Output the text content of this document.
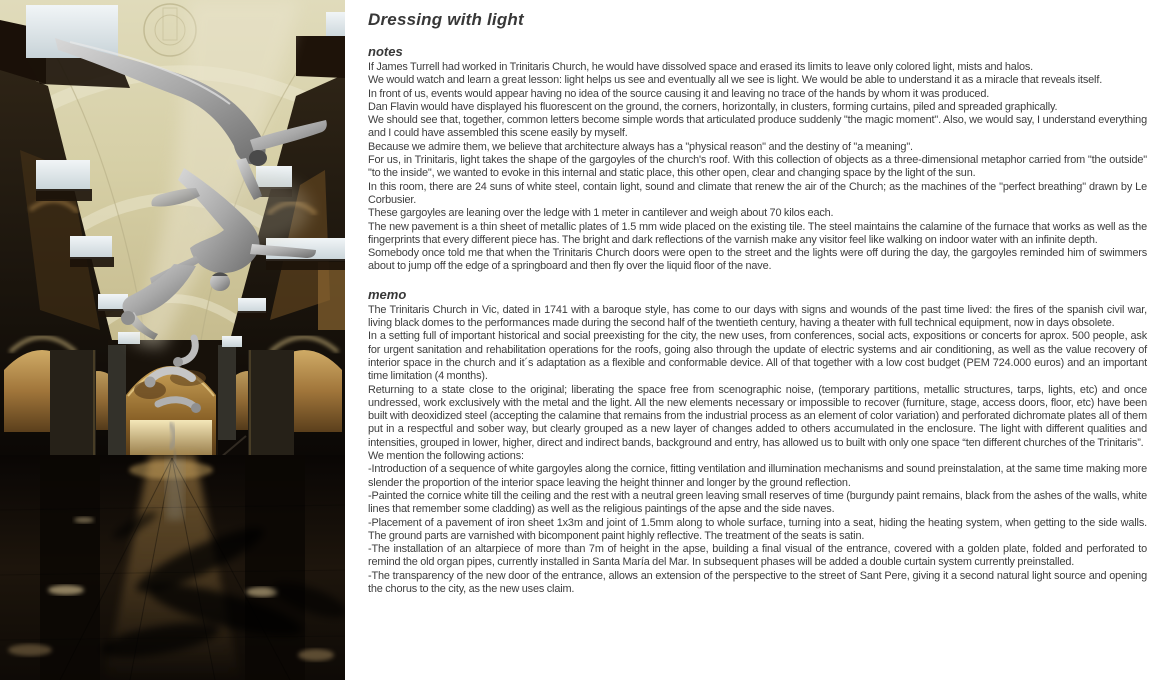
Dressing with light
notes

If James Turrell had worked in Trinitaris Church, he would have dissolved space and erased its limits to leave only colored light, mists and halos.

We would watch and learn a great lesson: light helps us see and eventually all we see is light. We would be able to understand it as a miracle that reveals itself.

In front of us, events would appear having no idea of the source causing it and leaving no trace of the hands by whom it was produced.

Dan Flavin would have displayed his fluorescent on the ground, the corners, horizontally, in clusters, forming curtains, piled and spreaded graphically.

We should see that, together, common letters become simple words that articulated produce suddenly "the magic moment". Also, we would say, I understand everything and I could have assembled this scene easily by myself.

Because we admire them, we believe that architecture always has a "physical reason" and the destiny of "a meaning".

For us, in Trinitaris, light takes the shape of the gargoyles of the church's roof. With this collection of objects as a three-dimensional metaphor carried from "the outside" "to the inside", we wanted to evoke in this internal and static place, this other open, clear and changing space by the light of the sun.

In this room, there are 24 suns of white steel, contain light, sound and climate that renew the air of the Church; as the machines of the "perfect breathing" drawn by Le Corbusier.

These gargoyles are leaning over the ledge with 1 meter in cantilever and weigh about 70 kilos each.

The new pavement is a thin sheet of metallic plates of 1.5 mm wide placed on the existing tile. The steel maintains the calamine of the furnace that works as well as the fingerprints that every different piece has. The bright and dark reflections of the varnish make any visitor feel like walking on indoor water with an infinite depth.

Somebody once told me that when the Trinitaris Church doors were open to the street and the lights were off during the day, the gargoyles reminded him of swimmers about to jump off the edge of a springboard and then fly over the liquid floor of the nave.

memo

The Trinitaris Church in Vic, dated in 1741 with a baroque style, has come to our days with signs and wounds of the past time lived: the fires of the spanish civil war, living black domes to the performances made during the second half of the twentieth century, having a theater with full technical equipment, now in days obsolete.

In a setting full of important historical and social preexisting for the city, the new uses, from conferences, social acts, expositions or concerts for aprox. 500 people, ask for urgent sanitation and rehabilitation operations for the roofs, going also through the update of electric systems and air conditioning, as well as the value recovery of interior space in the church and it´s adaptation as a flexible and conformable device. All of that together with a low cost budget (PEM 724.000 euros) and an important time limitation (4 months).

Returning to a state close to the original; liberating the space free from scenographic noise, (temporary partitions, metallic structures, tarps, lights, etc) and once undressed, work exclusively with the metal and the light. All the new elements necessary or impossible to recover (furniture, stage, access doors, floor, etc) have been built with deoxidized steel (accepting the calamine that remains from the industrial process as an element of color variation) and perforated dichromate plates all of them put in a respectful and sober way, but clearly grouped as a new layer of changes added to others accumulated in the enclosure. The light with different qualities and intensities, grouped in lower, higher, direct and indirect bands, background and entry, has allowed us to built with only one space “ten different churches of the Trinitaris”.

We mention the following actions:

-Introduction of a sequence of white gargoyles along the cornice, fitting ventilation and illumination mechanisms and sound preinstalation, at the same time making more slender the proportion of the interior space leaving the height thinner and longer by the ground reflection.

-Painted the cornice white till the ceiling and the rest with a neutral green leaving small reserves of time (burgundy paint remains, black from the ashes of the walls, white lines that remember some cladding) as well as the religious paintings of the apse and the side naves.

-Placement of a pavement of iron sheet 1x3m and joint of 1.5mm along to whole surface, turning into a seat, hiding the heating system, when getting to the side walls. The ground parts are varnished with bicomponent paint highly reflective. The treatment of the seats is satin.

-The installation of an altarpiece of more than 7m of height in the apse, building a final visual of the entrance, covered with a golden plate, folded and perforated to remind the old organ pipes, currently installed in Santa María del Mar. In subsequent phases will be added a double curtain system currently preinstalled.

-The transparency of the new door of the entrance, allows an extension of the perspective to the street of Sant Pere, giving it a second natural light source and opening the chorus to the city, as the new uses claim.
